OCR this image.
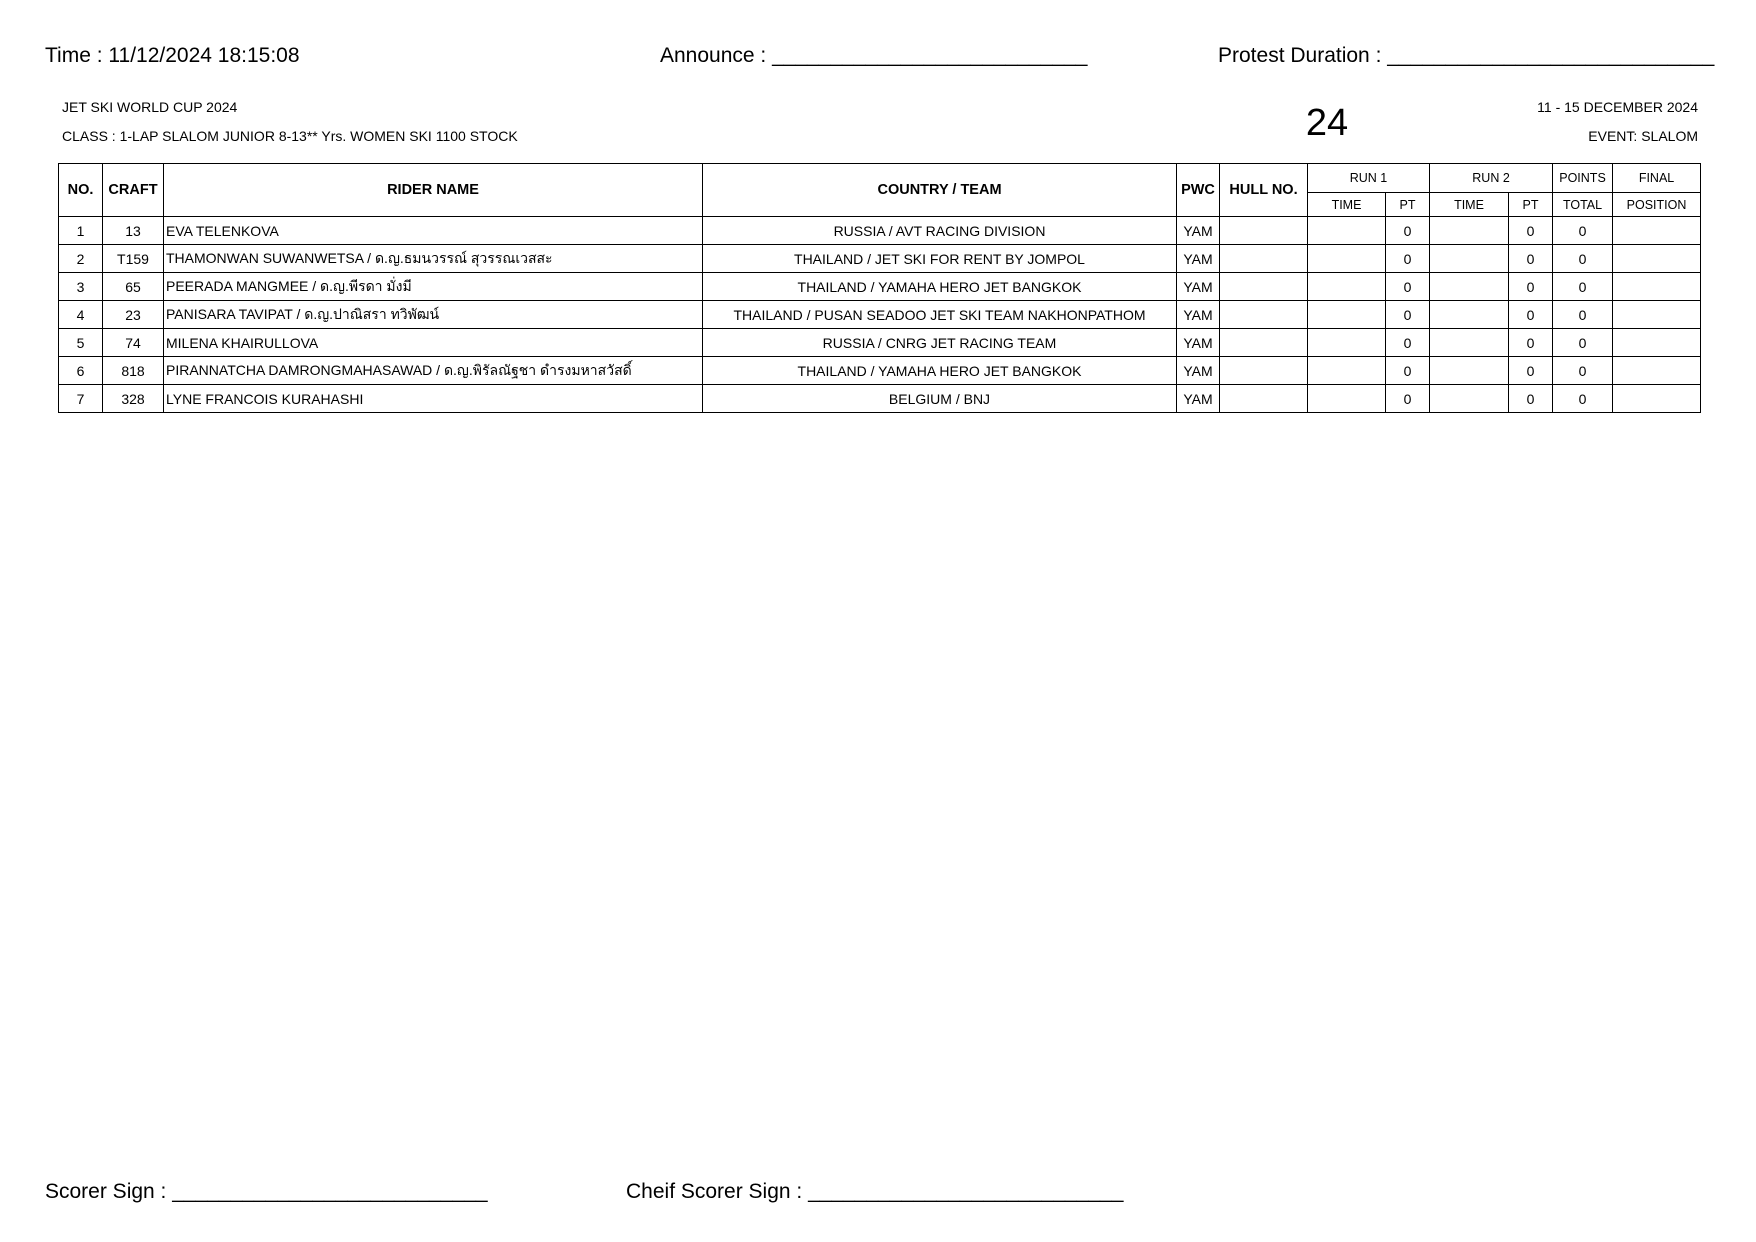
Time : 11/12/2024 18:15:08	Announce : ___________________________	Protest Duration : ____________________________
JET SKI WORLD CUP 2024
CLASS : 1-LAP SLALOM JUNIOR 8-13** Yrs. WOMEN SKI 1100 STOCK	24	11 - 15 DECEMBER 2024
EVENT: SLALOM
NO.	CRAFT	RIDER NAME	COUNTRY / TEAM	PWC	HULL NO.	RUN 1		RUN 2		POINTS	FINAL
						TIME	PT	TIME	PT	TOTAL	POSITION
1	13	EVA TELENKOVA	RUSSIA / AVT RACING DIVISION	YAM			0		0	0	
2	T159	THAMONWAN SUWANWETSA / ด.ญ.ธมนวรรณ์ สุวรรณเวสสะ	THAILAND / JET SKI FOR RENT BY JOMPOL	YAM			0		0	0	
3	65	PEERADA MANGMEE / ด.ญ.พีรดา มั่งมี	THAILAND / YAMAHA HERO JET BANGKOK	YAM			0		0	0	
4	23	PANISARA TAVIPAT / ด.ญ.ปาณิสรา ทวิพัฒน์	THAILAND / PUSAN SEADOO JET SKI TEAM NAKHONPATHOM	YAM			0		0	0	
5	74	MILENA KHAIRULLOVA	RUSSIA / CNRG JET RACING TEAM	YAM			0		0	0	
6	818	PIRANNATCHA DAMRONGMAHASAWAD / ด.ญ.พิรัลณัฐชา ดำรงมหาสวัสดิ์	THAILAND / YAMAHA HERO JET BANGKOK	YAM			0		0	0	
7	328	LYNE FRANCOIS KURAHASHI	BELGIUM / BNJ	YAM			0		0	0	
Scorer Sign : ___________________________	Cheif Scorer Sign : ___________________________
